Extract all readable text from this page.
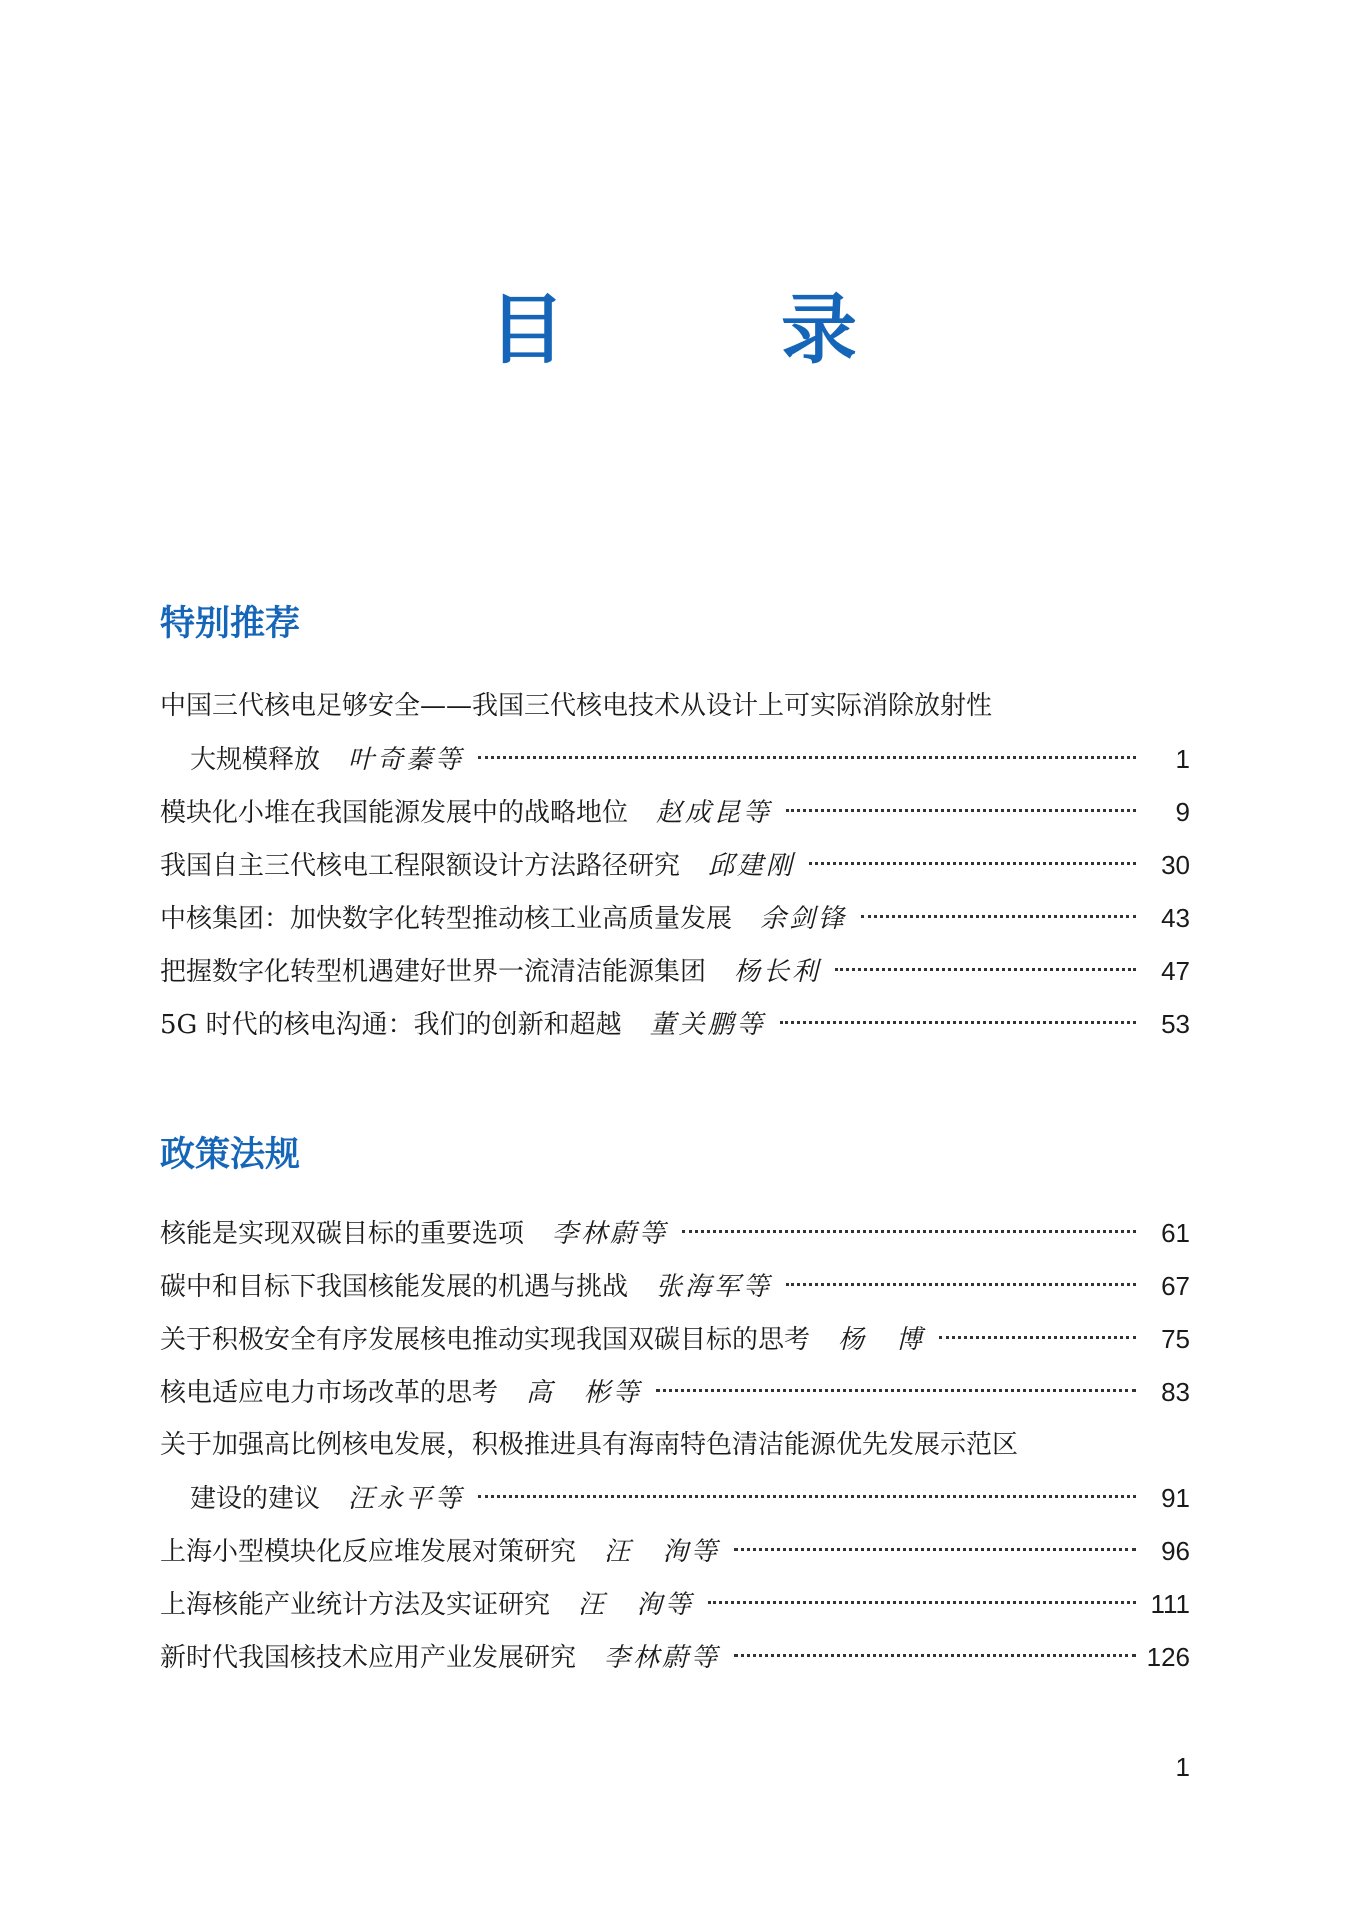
目　录
特别推荐
中国三代核电足够安全——我国三代核电技术从设计上可实际消除放射性
大规模释放 叶奇蓁等	1
模块化小堆在我国能源发展中的战略地位 赵成昆等	9
我国自主三代核电工程限额设计方法路径研究 邱建刚	30
中核集团：加快数字化转型推动核工业高质量发展 余剑锋	43
把握数字化转型机遇建好世界一流清洁能源集团 杨长利	47
5G 时代的核电沟通：我们的创新和超越 董关鹏等	53
政策法规
核能是实现双碳目标的重要选项 李林蔚等	61
碳中和目标下我国核能发展的机遇与挑战 张海军等	67
关于积极安全有序发展核电推动实现我国双碳目标的思考 杨　博	75
核电适应电力市场改革的思考 高　彬等	83
关于加强高比例核电发展，积极推进具有海南特色清洁能源优先发展示范区
建设的建议 汪永平等	91
上海小型模块化反应堆发展对策研究 汪　洵等	96
上海核能产业统计方法及实证研究 汪　洵等	111
新时代我国核技术应用产业发展研究 李林蔚等	126
1
